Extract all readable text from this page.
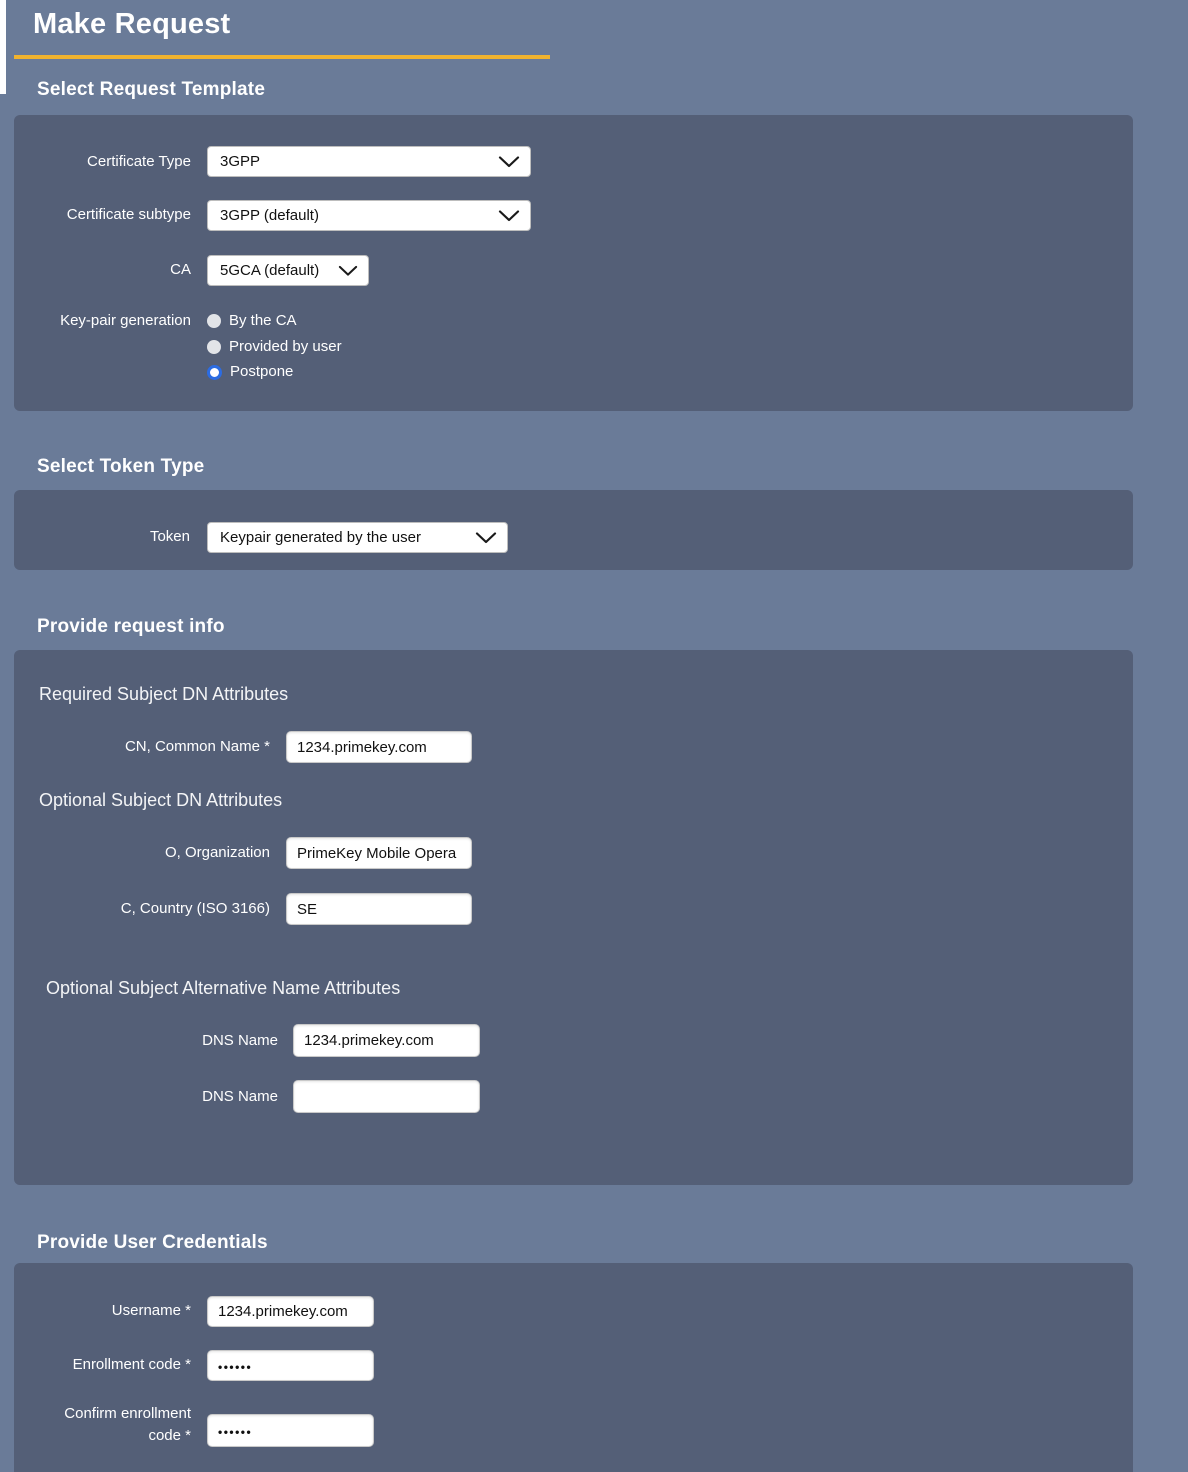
Make Request
Select Request Template
Certificate Type 3GPP
Certificate subtype 3GPP (default)
CA 5GCA (default)
Key-pair generation	By the CA
Provided by user
Postpone
Select Token Type
Token Keypair generated by the user
Provide request info
Required Subject DN Attributes
CN, Common Name *
1234.primekey.com
Optional Subject DN Attributes
O, Organization
PrimeKey Mobile Opera
C, Country (ISO 3166)
SE
Optional Subject Alternative Name Attributes
DNS Name
1234.primekey.com
DNS Name
Provide User Credentials
Username *
1234.primekey.com
Enrollment code *
••••••
Confirm enrollment
code *
••••••
